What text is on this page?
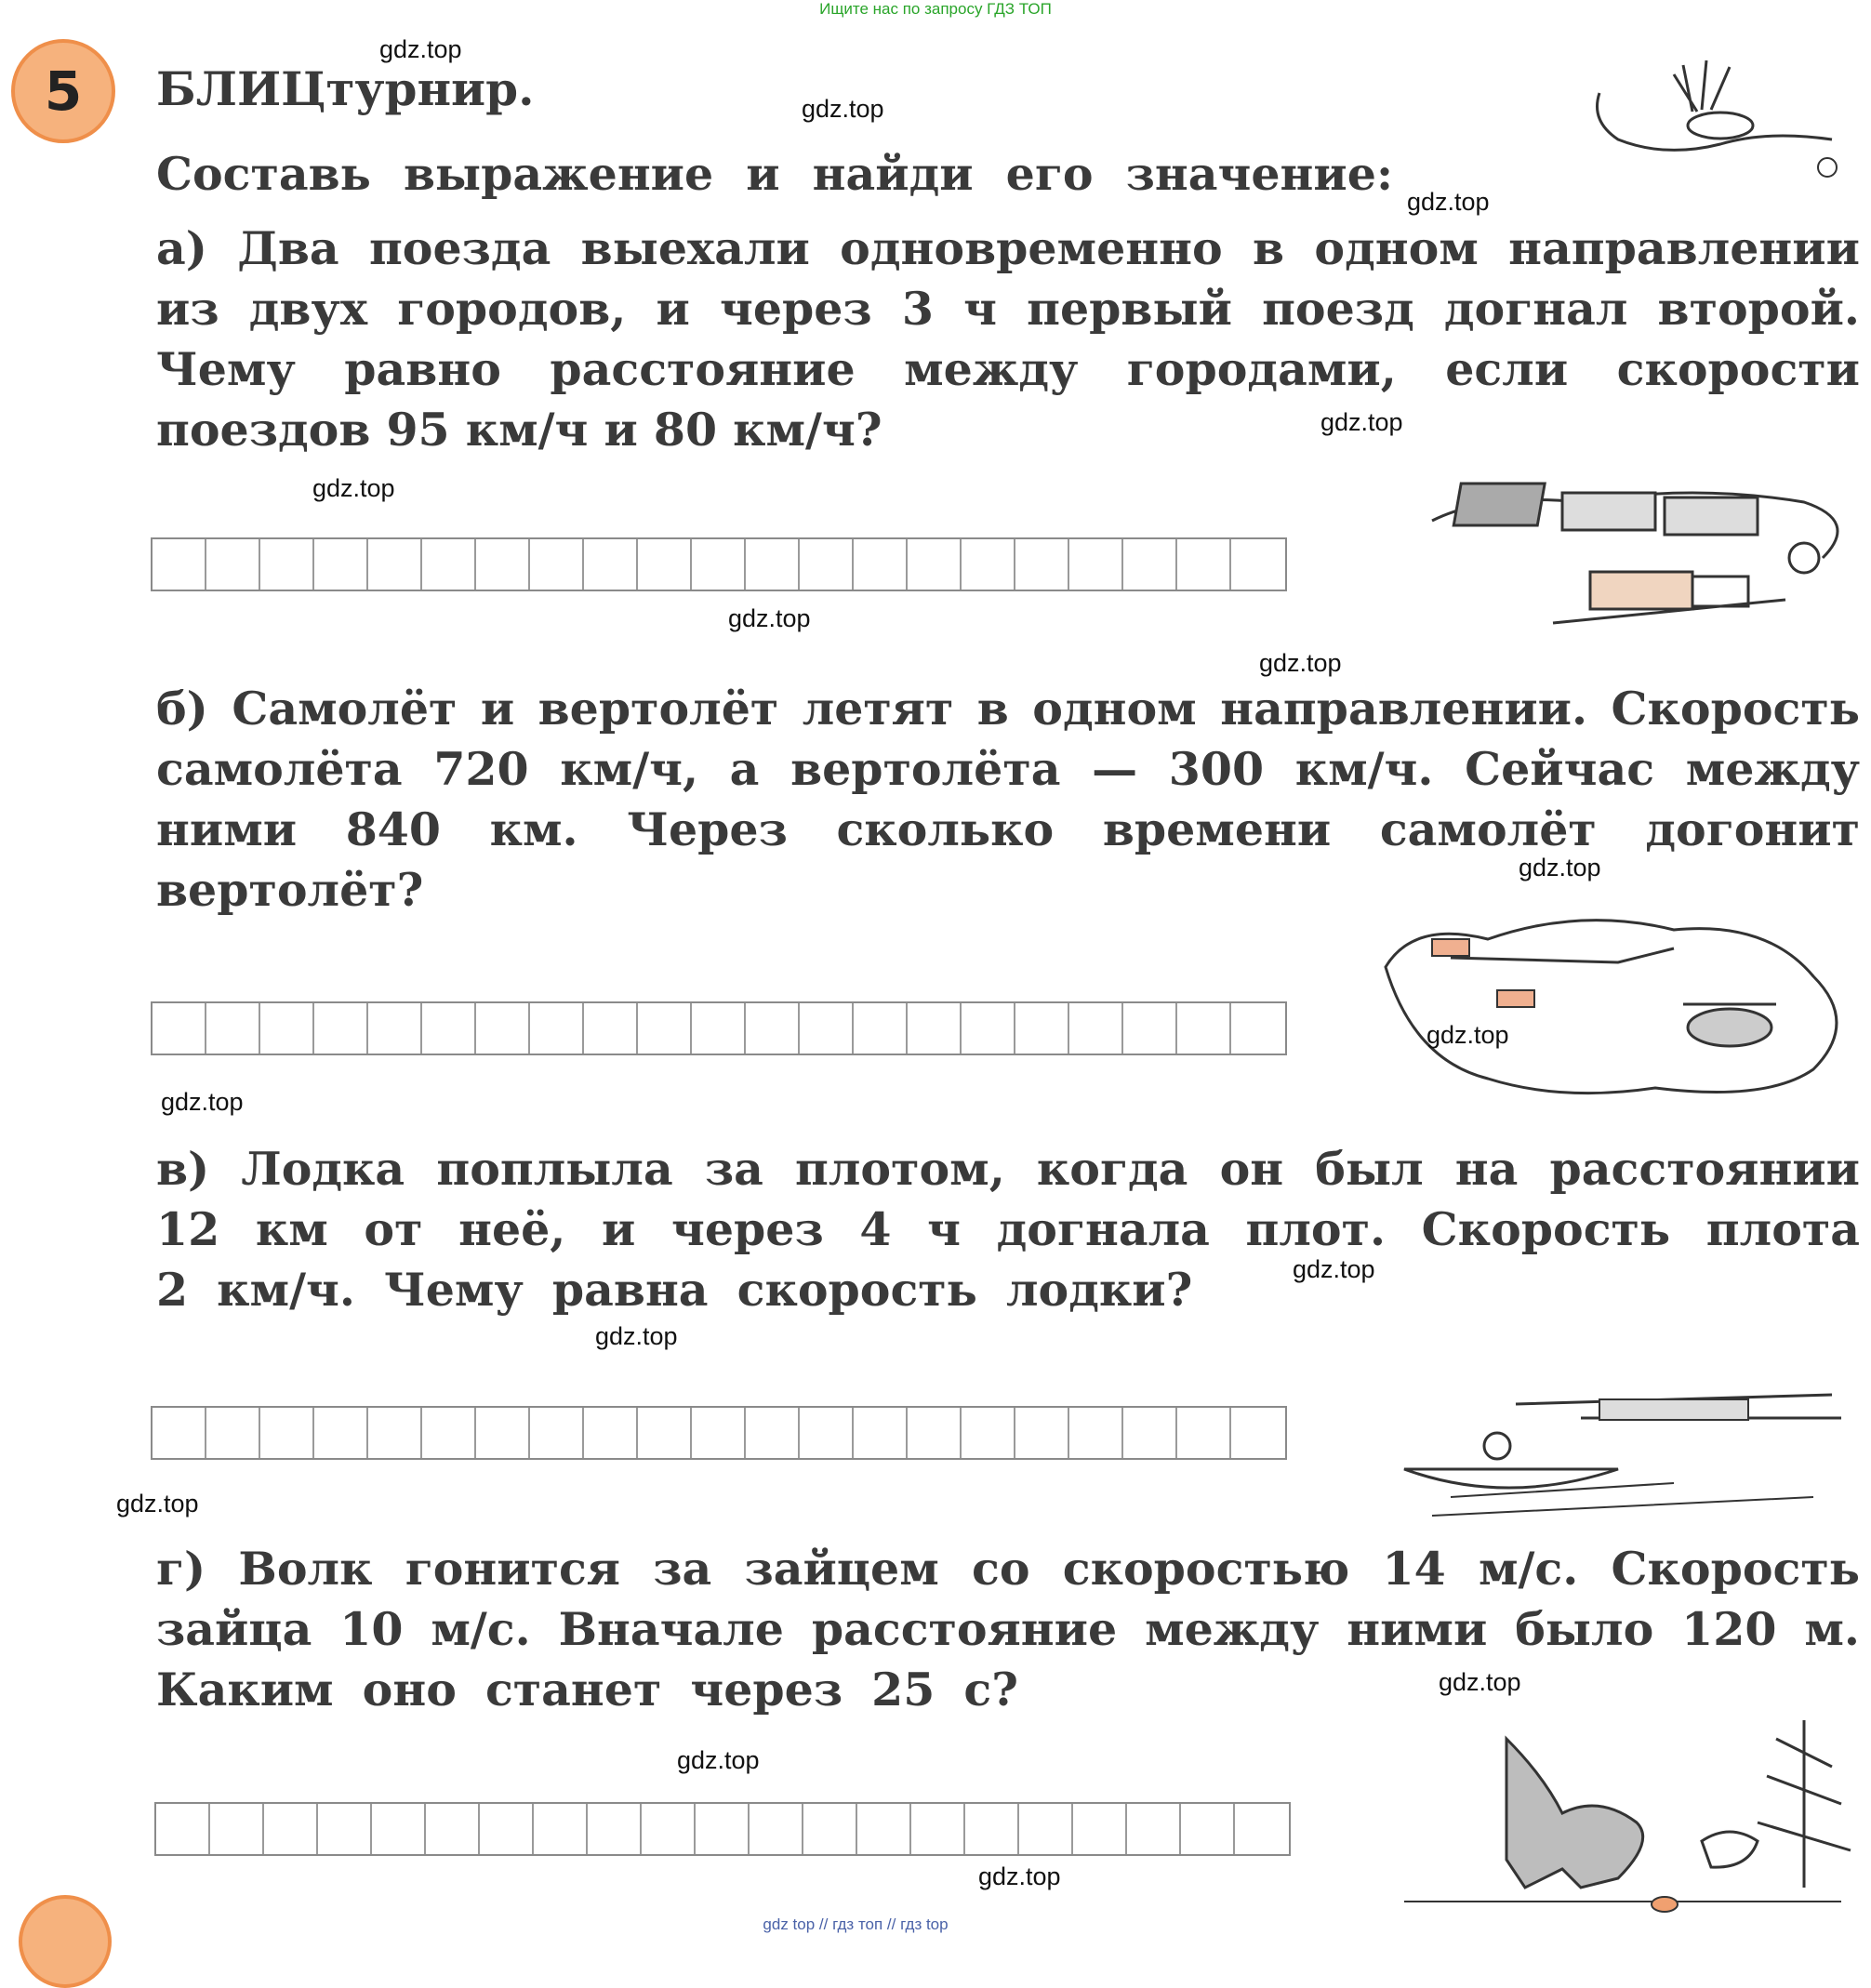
Ищите нас по запросу ГДЗ ТОП
5 БЛИЦтурнир.
Составь выражение и найди его значение:
а) Два поезда выехали одновременно в одном направлении
из двух городов, и через 3 ч первый поезд догнал второй.
Чему равно расстояние между городами, если скорости
поездов 95 км/ч и 80 км/ч?
б) Самолёт и вертолёт летят в одном направлении. Скорость
самолёта 720 км/ч, а вертолёта — 300 км/ч. Сейчас между
ними 840 км. Через сколько времени самолёт догонит
вертолёт?
в) Лодка поплыла за плотом, когда он был на расстоянии
12 км от неё, и через 4 ч догнала плот. Скорость плота
2 км/ч. Чему равна скорость лодки?
г) Волк гонится за зайцем со скоростью 14 м/с. Скорость
зайца 10 м/с. Вначале расстояние между ними было 120 м.
Каким оно станет через 25 с?
gdz.top
gdz.top
gdz.top
gdz.top
gdz.top
gdz.top
gdz.top
gdz.top
gdz.top
gdz.top
gdz.top
gdz.top
gdz.top
gdz.top
gdz.top
gdz.top
gdz top // гдз топ // гдз top
